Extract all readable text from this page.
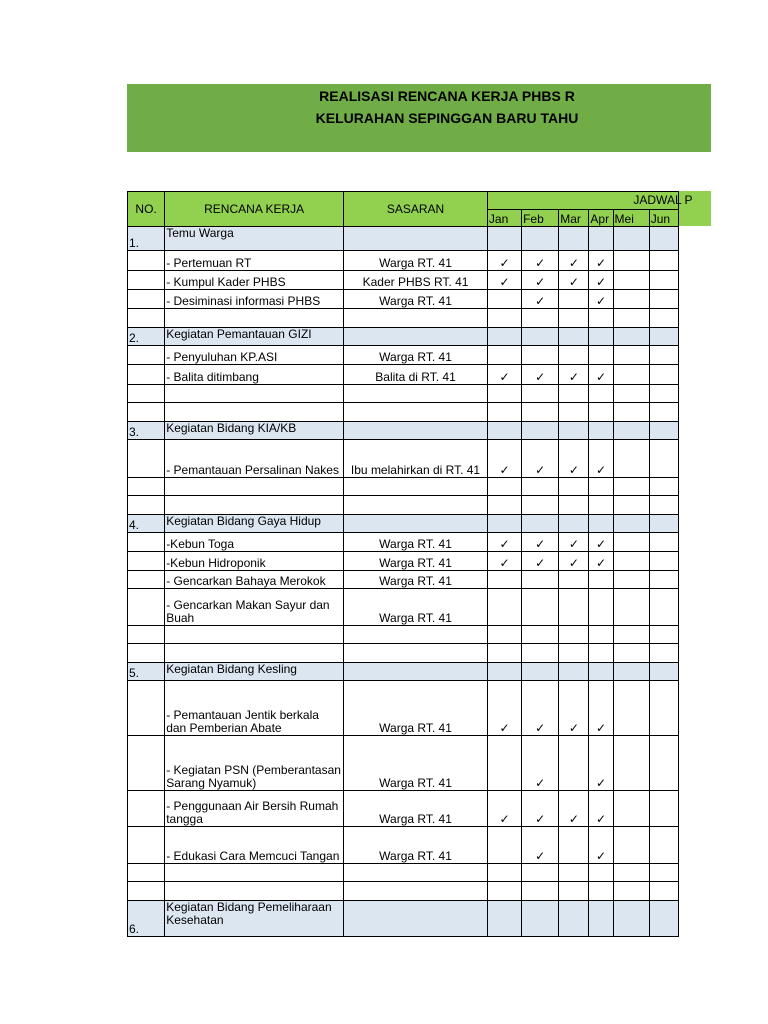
REALISASI RENCANA KERJA PHBS R
KELURAHAN SEPINGGAN BARU TAHU
NO.	RENCANA KERJA	SASARAN	JADWAL P					
			Jan	Feb	Mar	Apr	Mei	Jun
1.	Temu Warga							
	- Pertemuan RT	Warga RT. 41	✓	✓	✓	✓		
	- Kumpul Kader PHBS	Kader PHBS RT. 41	✓	✓	✓	✓		
	- Desiminasi informasi PHBS	Warga RT. 41		✓		✓		

2.	Kegiatan Pemantauan GIZI							
	- Penyuluhan KP.ASI	Warga RT. 41						
	- Balita ditimbang	Balita di RT. 41	✓	✓	✓	✓		

3.	Kegiatan Bidang KIA/KB							
	- Pemantauan Persalinan Nakes	Ibu melahirkan di RT. 41	✓	✓	✓	✓		

4.	Kegiatan Bidang Gaya Hidup							
	-Kebun Toga	Warga RT. 41	✓	✓	✓	✓		
	-Kebun Hidroponik	Warga RT. 41	✓	✓	✓	✓		
	- Gencarkan Bahaya Merokok	Warga RT. 41						
	- Gencarkan Makan Sayur dan Buah	Warga RT. 41						

5.	Kegiatan Bidang Kesling							
	- Pemantauan Jentik berkala dan Pemberian Abate	Warga RT. 41	✓	✓	✓	✓		
	- Kegiatan PSN (Pemberantasan Sarang Nyamuk)	Warga RT. 41		✓		✓		
	- Penggunaan Air Bersih Rumah tangga	Warga RT. 41	✓	✓	✓	✓		
	- Edukasi Cara Memcuci Tangan	Warga RT. 41		✓		✓		

6.	Kegiatan Bidang Pemeliharaan Kesehatan							
